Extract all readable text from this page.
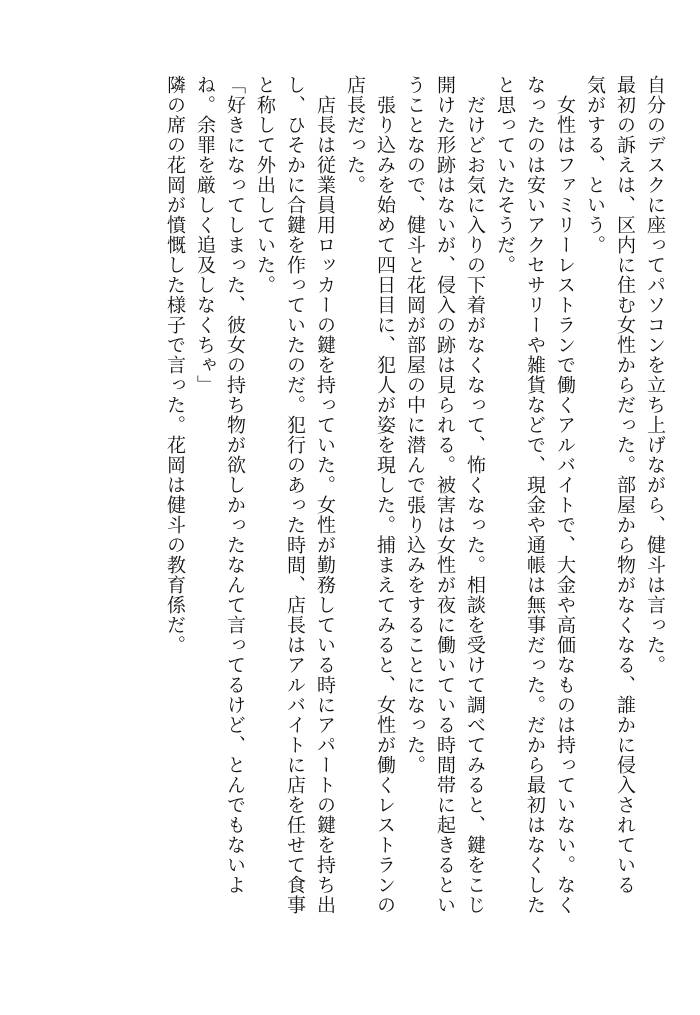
自分のデスクに座ってパソコンを立ち上げながら、健斗は言った。
最初の訴えは、区内に住む女性からだった。部屋から物がなくなる、誰かに侵入されている
気がする、という。
　女性はファミリーレストランで働くアルバイトで、大金や高価なものは持っていない。なく
なったのは安いアクセサリーや雑貨などで、現金や通帳は無事だった。だから最初はなくした
と思っていたそうだ。
　だけどお気に入りの下着がなくなって、怖くなった。相談を受けて調べてみると、鍵をこじ
開けた形跡はないが、侵入の跡は見られる。被害は女性が夜に働いている時間帯に起きるとい
うことなので、健斗と花岡が部屋の中に潜んで張り込みをすることになった。
　張り込みを始めて四日目に、犯人が姿を現した。捕まえてみると、女性が働くレストランの
店長だった。
　店長は従業員用ロッカーの鍵を持っていた。女性が勤務している時にアパートの鍵を持ち出
し、ひそかに合鍵を作っていたのだ。犯行のあった時間、店長はアルバイトに店を任せて食事
と称して外出していた。
「好きになってしまった、彼女の持ち物が欲しかったなんて言ってるけど、とんでもないよ
ね。余罪を厳しく追及しなくちゃ」
隣の席の花岡が憤慨した様子で言った。花岡は健斗の教育係だ。
